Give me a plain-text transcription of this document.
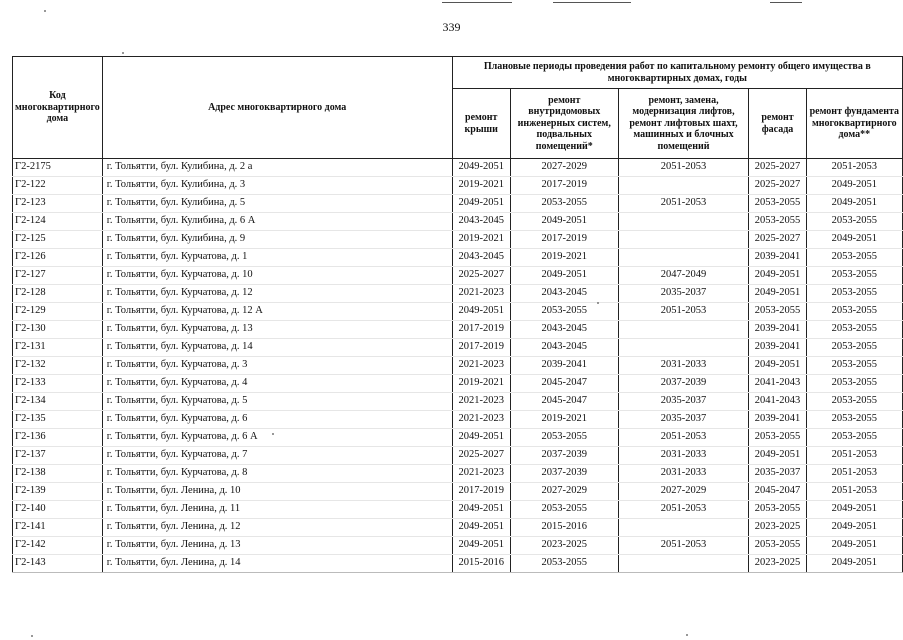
339
Код многоквартирного дома	Адрес многоквартирного дома	Плановые периоды проведения работ по капитальному ремонту общего имущества в многоквартирных домах, годы				
		ремонт крыши	ремонт внутридомовых инженерных систем, подвальных помещений*	ремонт, замена, модернизация лифтов, ремонт лифтовых шахт, машинных и блочных помещений	ремонт фасада	ремонт фундамента многоквартирного дома**
Г2-2175	г. Тольятти, бул. Кулибина, д. 2 а	2049-2051	2027-2029	2051-2053	2025-2027	2051-2053
Г2-122	г. Тольятти, бул. Кулибина, д. 3	2019-2021	2017-2019		2025-2027	2049-2051
Г2-123	г. Тольятти, бул. Кулибина, д. 5	2049-2051	2053-2055	2051-2053	2053-2055	2049-2051
Г2-124	г. Тольятти, бул. Кулибина, д. 6 А	2043-2045	2049-2051		2053-2055	2053-2055
Г2-125	г. Тольятти, бул. Кулибина, д. 9	2019-2021	2017-2019		2025-2027	2049-2051
Г2-126	г. Тольятти, бул. Курчатова, д. 1	2043-2045	2019-2021		2039-2041	2053-2055
Г2-127	г. Тольятти, бул. Курчатова, д. 10	2025-2027	2049-2051	2047-2049	2049-2051	2053-2055
Г2-128	г. Тольятти, бул. Курчатова, д. 12	2021-2023	2043-2045	2035-2037	2049-2051	2053-2055
Г2-129	г. Тольятти, бул. Курчатова, д. 12 А	2049-2051	2053-2055	2051-2053	2053-2055	2053-2055
Г2-130	г. Тольятти, бул. Курчатова, д. 13	2017-2019	2043-2045		2039-2041	2053-2055
Г2-131	г. Тольятти, бул. Курчатова, д. 14	2017-2019	2043-2045		2039-2041	2053-2055
Г2-132	г. Тольятти, бул. Курчатова, д. 3	2021-2023	2039-2041	2031-2033	2049-2051	2053-2055
Г2-133	г. Тольятти, бул. Курчатова, д. 4	2019-2021	2045-2047	2037-2039	2041-2043	2053-2055
Г2-134	г. Тольятти, бул. Курчатова, д. 5	2021-2023	2045-2047	2035-2037	2041-2043	2053-2055
Г2-135	г. Тольятти, бул. Курчатова, д. 6	2021-2023	2019-2021	2035-2037	2039-2041	2053-2055
Г2-136	г. Тольятти, бул. Курчатова, д. 6 А	2049-2051	2053-2055	2051-2053	2053-2055	2053-2055
Г2-137	г. Тольятти, бул. Курчатова, д. 7	2025-2027	2037-2039	2031-2033	2049-2051	2051-2053
Г2-138	г. Тольятти, бул. Курчатова, д. 8	2021-2023	2037-2039	2031-2033	2035-2037	2051-2053
Г2-139	г. Тольятти, бул. Ленина, д. 10	2017-2019	2027-2029	2027-2029	2045-2047	2051-2053
Г2-140	г. Тольятти, бул. Ленина, д. 11	2049-2051	2053-2055	2051-2053	2053-2055	2049-2051
Г2-141	г. Тольятти, бул. Ленина, д. 12	2049-2051	2015-2016		2023-2025	2049-2051
Г2-142	г. Тольятти, бул. Ленина, д. 13	2049-2051	2023-2025	2051-2053	2053-2055	2049-2051
Г2-143	г. Тольятти, бул. Ленина, д. 14	2015-2016	2053-2055		2023-2025	2049-2051
